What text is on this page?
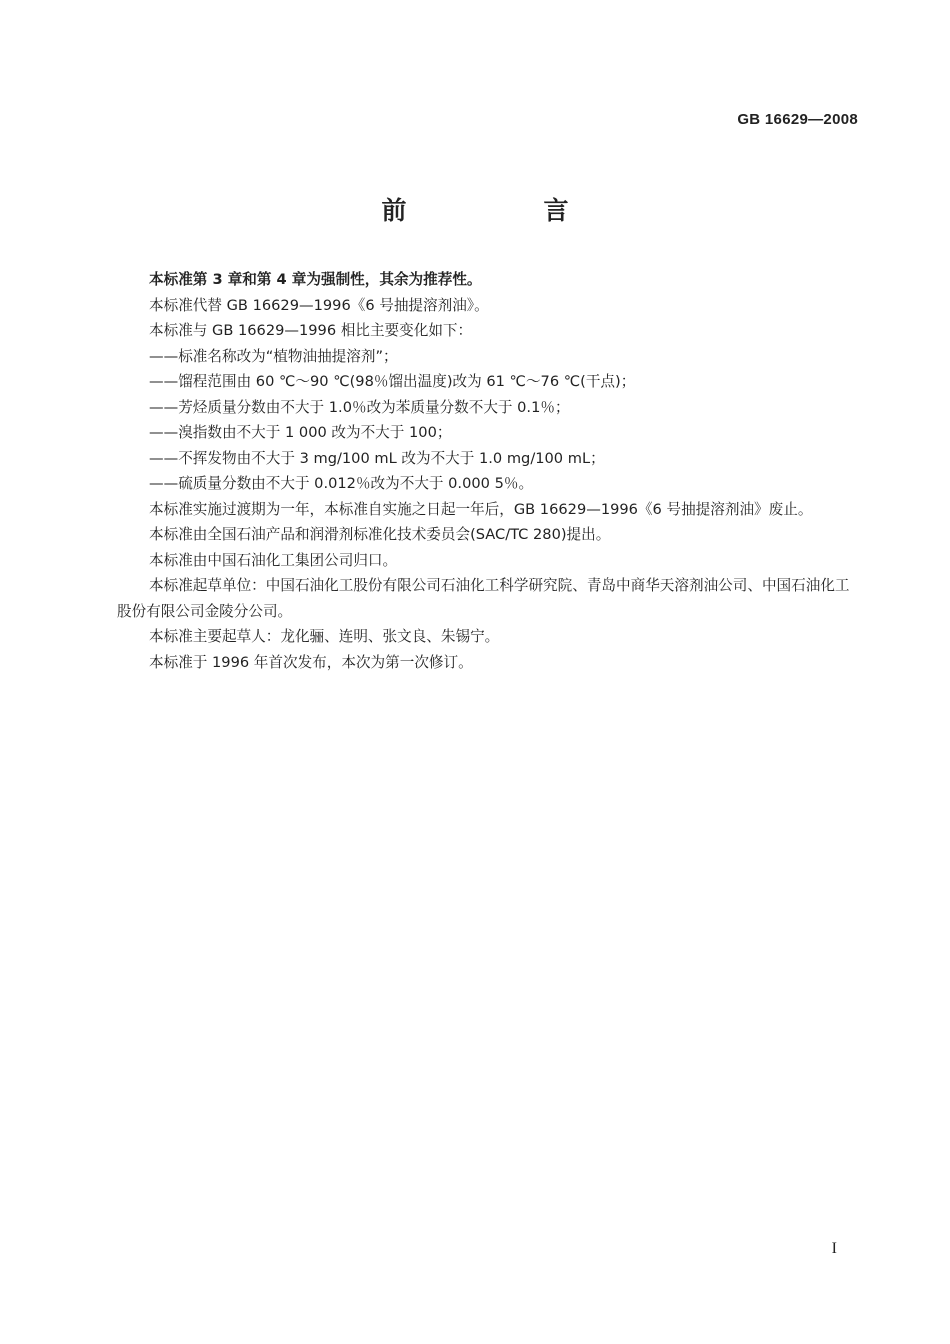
GB 16629—2008
前　言

本标准第 3 章和第 4 章为强制性，其余为推荐性。

本标准代替 GB 16629—1996《6 号抽提溶剂油》。

本标准与 GB 16629—1996 相比主要变化如下：

——标准名称改为“植物油抽提溶剂”；

——馏程范围由 60 ℃～90 ℃(98％馏出温度)改为 61 ℃～76 ℃(干点)；

——芳烃质量分数由不大于 1.0％改为苯质量分数不大于 0.1％；

——溴指数由不大于 1 000 改为不大于 100；

——不挥发物由不大于 3 mg/100 mL 改为不大于 1.0 mg/100 mL；

——硫质量分数由不大于 0.012％改为不大于 0.000 5％。

本标准实施过渡期为一年，本标准自实施之日起一年后，GB 16629—1996《6 号抽提溶剂油》废止。

本标准由全国石油产品和润滑剂标准化技术委员会(SAC/TC 280)提出。

本标准由中国石油化工集团公司归口。

本标准起草单位：中国石油化工股份有限公司石油化工科学研究院、青岛中商华天溶剂油公司、中国石油化工股份有限公司金陵分公司。

本标准主要起草人：龙化骊、连明、张文良、朱锡宁。

本标准于 1996 年首次发布，本次为第一次修订。

I
